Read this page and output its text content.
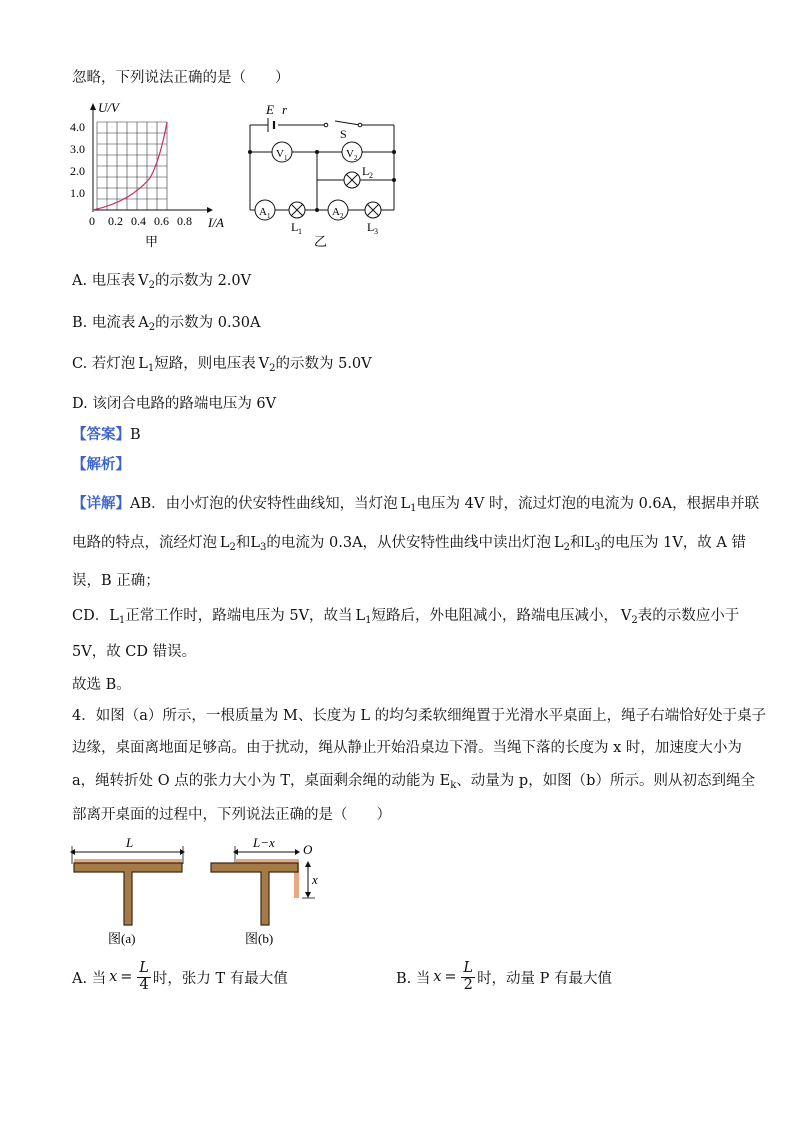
忽略，下列说法正确的是（　　）
U/V
4.0
3.0
2.0
1.0
0 0.2 0.4 0.6 0.8 I/A
甲
E r
S
V 1	V 2
A 1	A 2
L 2
L 1	L 3
乙
A. 电压表  $V_2$的示数为 2.0V
B. 电流表  $A_2$的示数为 0.30A
C. 若灯泡  $L_1$短路，则电压表  $V_2$的示数为 5.0V
D. 该闭合电路的路端电压为 6V
【答案】B
【解析】
【详解】AB．由小灯泡的伏安特性曲线知，当灯泡 $L_1$电压为 4V 时，流过灯泡的电流为 0.6A，根据串并联
电路的特点，流经灯泡 $L_2$和$L_3$的电流为 0.3A，从伏安特性曲线中读出灯泡 $L_2$和$L_3$的电压为 1V，故 A 错
误，B 正确；
CD．$L_1$正常工作时，路端电压为 5V，故当 $L_1$短路后，外电阻减小，路端电压减小， $V_2$表的示数应小于
5V，故 CD 错误。
故选 B。
4．如图（a）所示，一根质量为 M、长度为 L 的均匀柔软细绳置于光滑水平桌面上，绳子右端恰好处于桌子
边缘，桌面离地面足够高。由于扰动，绳从静止开始沿桌边下滑。当绳下落的长度为 x 时，加速度大小为
a，绳转折处 O 点的张力大小为 T，桌面剩余绳的动能为 $E_k$、动量为 p，如图（b）所示。则从初态到绳全
部离开桌面的过程中，下列说法正确的是（　　）
L
图(a)
L−x O
x
图(b)
A. 当
  x  = 
L
4 时，张力 T 有最大值	B. 当
  x  = 
L
2 时，动量 P 有最大值
